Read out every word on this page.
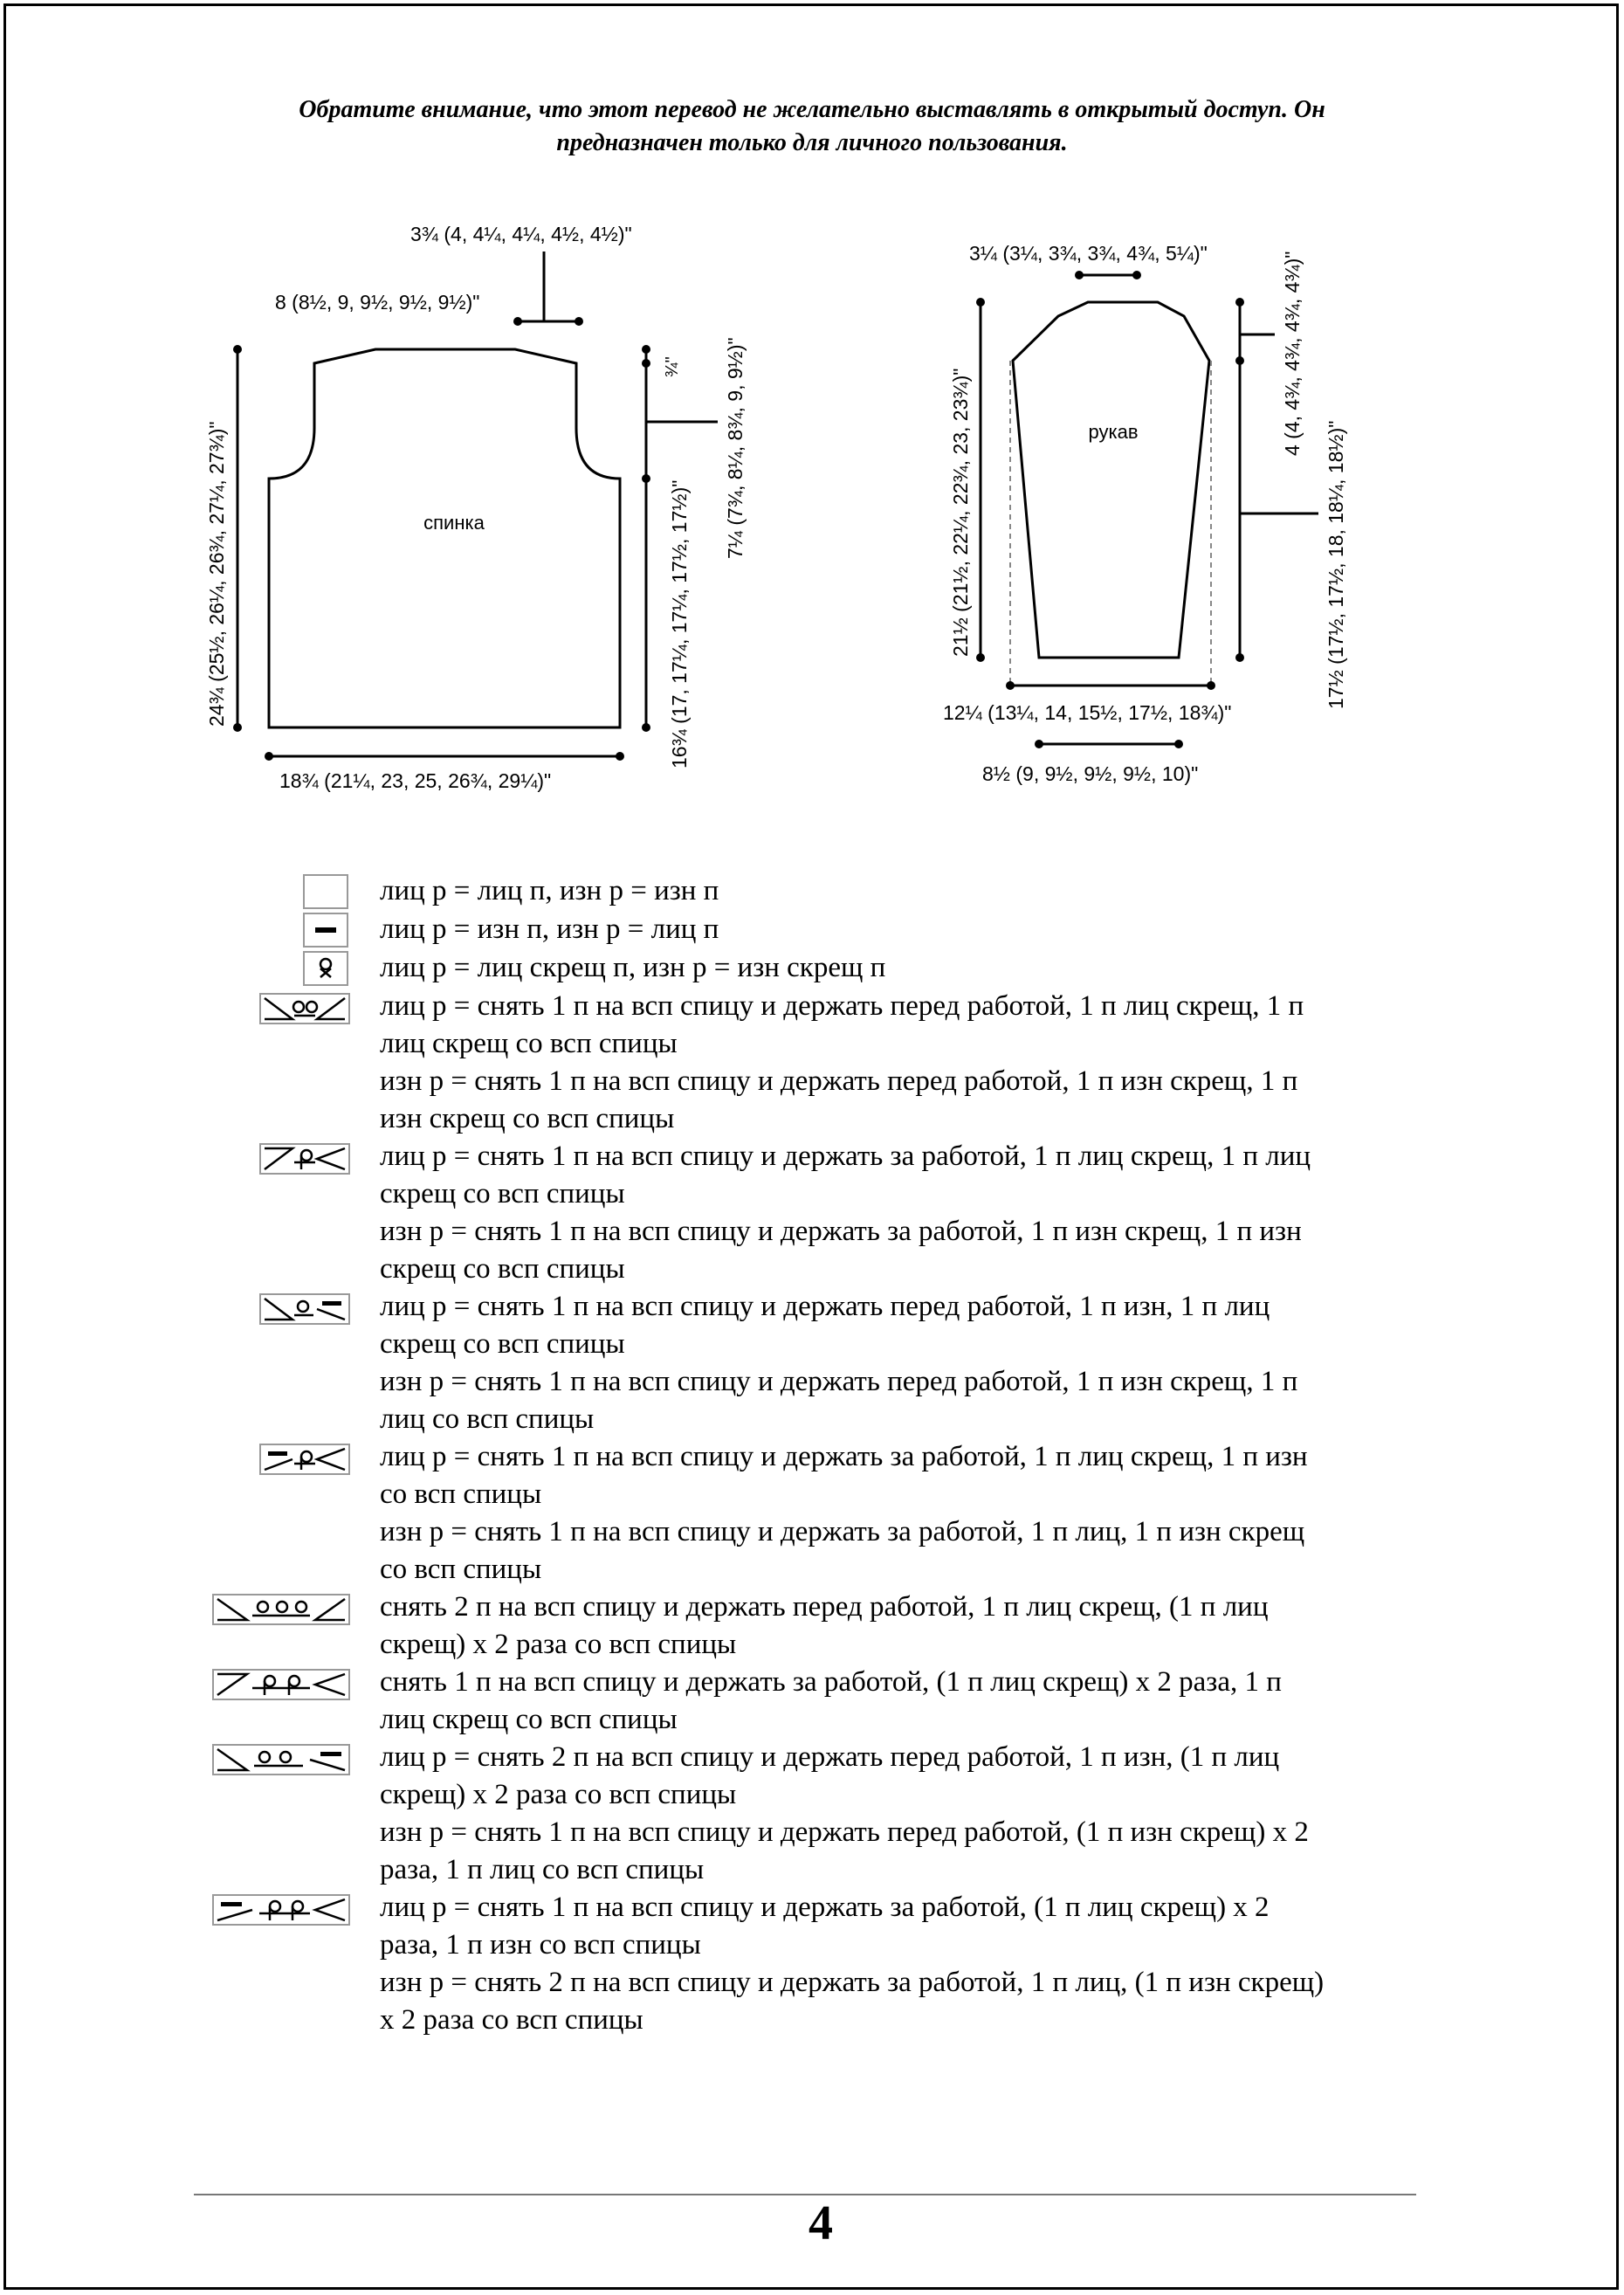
Обратите внимание, что этот перевод не желательно выставлять в открытый доступ. Он
предназначен только для личного пользования.
спинка
3¾ (4, 4¼, 4¼, 4½, 4½)"
8 (8½, 9, 9½, 9½, 9½)"
24¾ (25½, 26¼, 26¾, 27¼, 27¾)"
18¾ (21¼, 23, 25, 26¾, 29¼)"
¾"
16¾ (17, 17¼, 17¼, 17½, 17½)"
7¼ (7¾, 8¼, 8¾, 9, 9½)"	рукав
3¼ (3¼, 3¾, 3¾, 4¾, 5¼)"
21½ (21½, 22¼, 22¾, 23, 23¾)"
4 (4, 4¾, 4¾, 4¾, 4¾)"
17½ (17½, 17½, 18, 18¼, 18½)"
12¼ (13¼, 14, 15½, 17½, 18¾)"
8½ (9, 9½, 9½, 9½, 10)"
лиц р = лиц п, изн р = изн п
лиц р = изн п, изн р = лиц п
лиц р = лиц скрещ п, изн р = изн скрещ п
лиц р = снять 1 п на всп спицу и держать перед работой, 1 п лиц скрещ, 1 п
лиц скрещ со всп спицы
изн р = снять 1 п на всп спицу и держать перед работой, 1 п изн скрещ, 1 п
изн скрещ со всп спицы
лиц р = снять 1 п на всп спицу и держать за работой, 1 п лиц скрещ, 1 п лиц
скрещ со всп спицы
изн р = снять 1 п на всп спицу и держать за работой, 1 п изн скрещ, 1 п изн
скрещ со всп спицы
лиц р = снять 1 п на всп спицу и держать перед работой, 1 п изн, 1 п лиц
скрещ со всп спицы
изн р = снять 1 п на всп спицу и держать перед работой, 1 п изн скрещ, 1 п
лиц со всп спицы
лиц р = снять 1 п на всп спицу и держать за работой, 1 п лиц скрещ, 1 п изн
со всп спицы
изн р = снять 1 п на всп спицу и держать за работой, 1 п лиц, 1 п изн скрещ
со всп спицы
снять 2 п на всп спицу и держать перед работой, 1 п лиц скрещ, (1 п лиц
скрещ) х 2 раза со всп спицы
снять 1 п на всп спицу и держать за работой, (1 п лиц скрещ) х 2 раза, 1 п
лиц скрещ со всп спицы
лиц р = снять 2 п на всп спицу и держать перед работой, 1 п изн, (1 п лиц
скрещ) х 2 раза со всп спицы
изн р = снять 1 п на всп спицу и держать перед работой, (1 п изн скрещ) х 2
раза, 1 п лиц со всп спицы
лиц р = снять 1 п на всп спицу и держать за работой, (1 п лиц скрещ) х 2
раза, 1 п изн со всп спицы
изн р = снять 2 п на всп спицу и держать за работой, 1 п лиц, (1 п изн скрещ)
х 2 раза со всп спицы
4
